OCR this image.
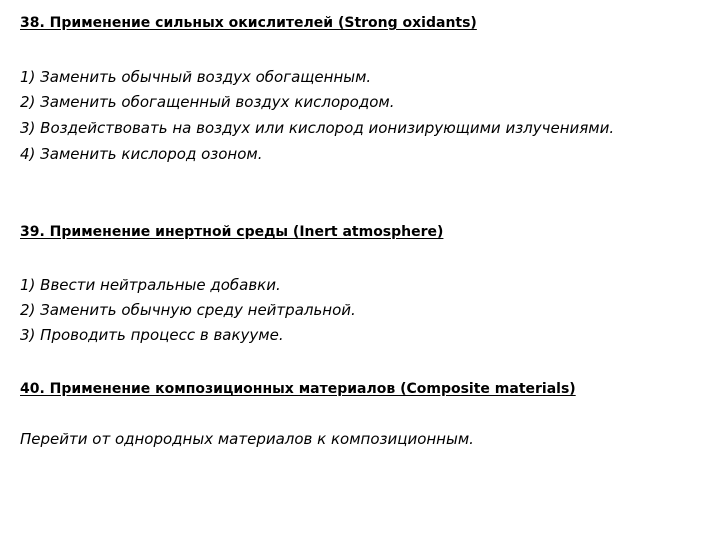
38. Применение сильных окислителей (Strong oxidants)
1) Заменить обычный воздух обогащенным.
2) Заменить обогащенный воздух кислородом.
3) Воздействовать на воздух или кислород ионизирующими излучениями.
4) Заменить кислород озоном.
39. Применение инертной среды (Inert atmosphere)
1) Ввести нейтральные добавки.
2) Заменить обычную среду нейтральной.
3) Проводить процесс в вакууме.
40. Применение композиционных материалов (Composite materials)
Перейти от однородных материалов к композиционным.
